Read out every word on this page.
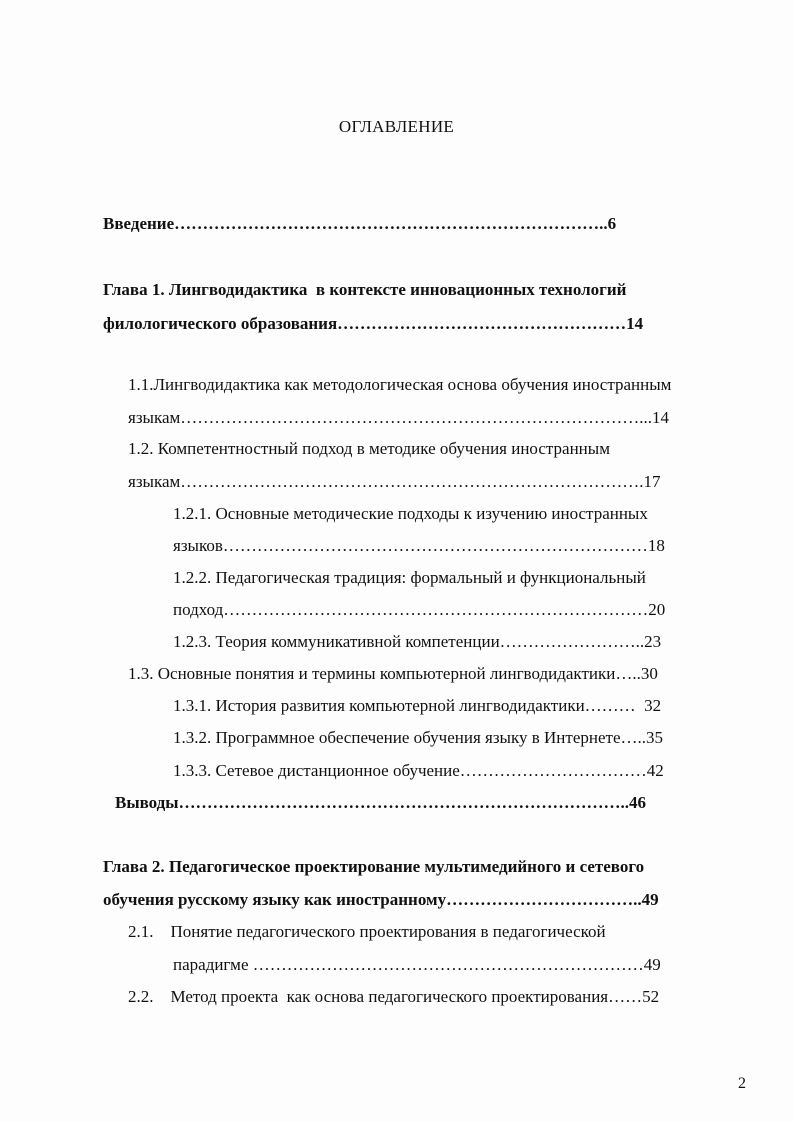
ОГЛАВЛЕНИЕ
Введение…………………………………………………………………..6
Глава 1. Лингводидактика  в контексте инновационных технологий
филологического образования……………………………………………14
1.1.Лингводидактика как методологическая основа обучения иностранным
языкам………………………………………………………………………...14
1.2. Компетентностный подход в методике обучения иностранным
языкам……………………………………………………………………….17
1.2.1. Основные методические подходы к изучению иностранных
языков…………………………………………………………………18
1.2.2. Педагогическая традиция: формальный и функциональный
подход…………………………………………………………………20
1.2.3. Теория коммуникативной компетенции……………………..23
1.3. Основные понятия и термины компьютерной лингводидактики…..30
1.3.1. История развития компьютерной лингводидактики………  32
1.3.2. Программное обеспечение обучения языку в Интернете…..35
1.3.3. Сетевое дистанционное обучение……………………………42
Выводы……………………………………………………………………..46
Глава 2. Педагогическое проектирование мультимедийного и сетевого
обучения русскому языку как иностранному……………………………..49
2.1.    Понятие педагогического проектирования в педагогической
парадигме ……………………………………………………………49
2.2.    Метод проекта  как основа педагогического проектирования……52
2
